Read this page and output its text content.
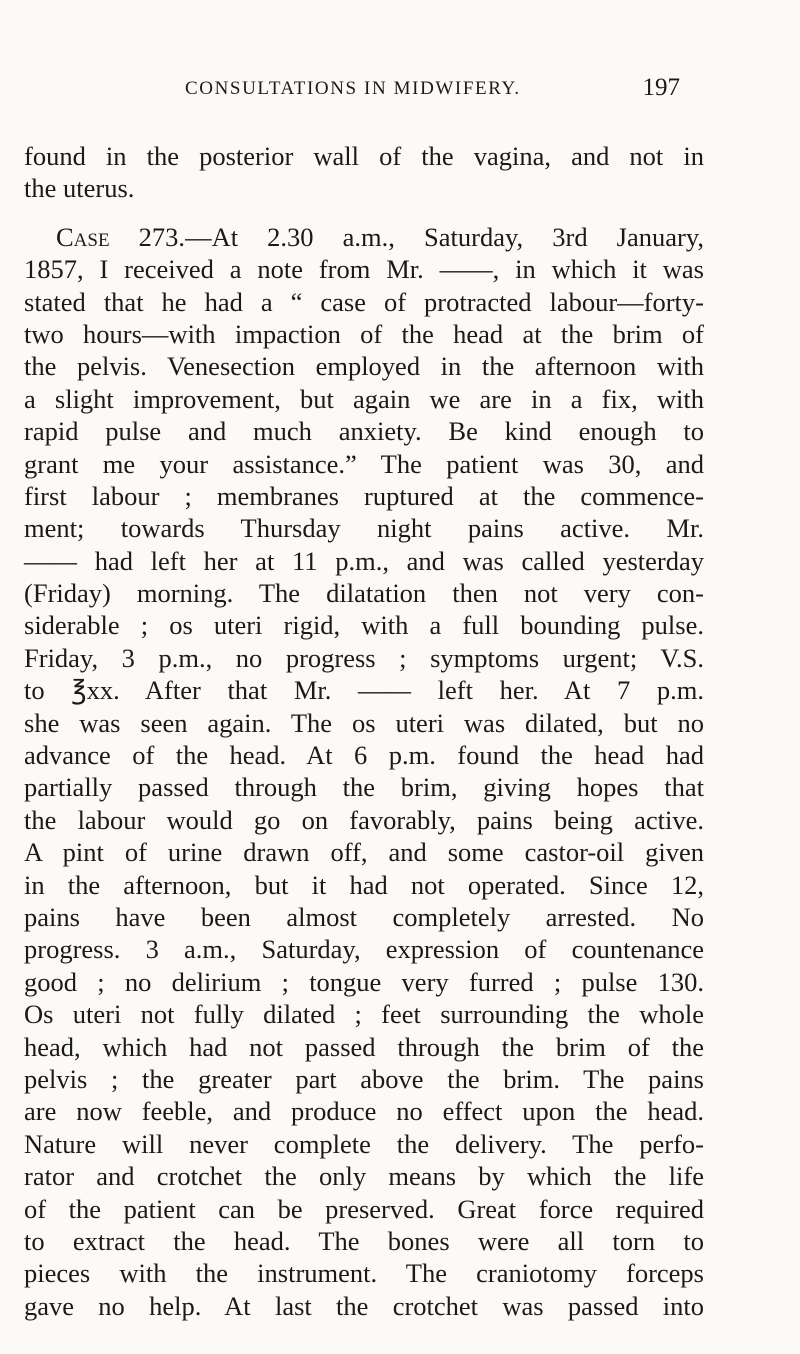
CONSULTATIONS IN MIDWIFERY.	197
found in the posterior wall of the vagina, and not in
the uterus.
Case 273.—At 2.30 a.m., Saturday, 3rd January,
1857, I received a note from Mr. ——, in which it was
stated that he had a “ case of protracted labour—forty-
two hours—with impaction of the head at the brim of
the pelvis. Venesection employed in the afternoon with
a slight improvement, but again we are in a fix, with
rapid pulse and much anxiety. Be kind enough to
grant me your assistance.” The patient was 30, and
first labour ; membranes ruptured at the commence-
ment; towards Thursday night pains active. Mr.
—— had left her at 11 p.m., and was called yesterday
(Friday) morning. The dilatation then not very con-
siderable ; os uteri rigid, with a full bounding pulse.
Friday, 3 p.m., no progress ; symptoms urgent; V.S.
to ℥xx. After that Mr. —— left her. At 7 p.m.
she was seen again. The os uteri was dilated, but no
advance of the head. At 6 p.m. found the head had
partially passed through the brim, giving hopes that
the labour would go on favorably, pains being active.
A pint of urine drawn off, and some castor-oil given
in the afternoon, but it had not operated. Since 12,
pains have been almost completely arrested. No
progress. 3 a.m., Saturday, expression of countenance
good ; no delirium ; tongue very furred ; pulse 130.
Os uteri not fully dilated ; feet surrounding the whole
head, which had not passed through the brim of the
pelvis ; the greater part above the brim. The pains
are now feeble, and produce no effect upon the head.
Nature will never complete the delivery. The perfo-
rator and crotchet the only means by which the life
of the patient can be preserved. Great force required
to extract the head. The bones were all torn to
pieces with the instrument. The craniotomy forceps
gave no help. At last the crotchet was passed into
